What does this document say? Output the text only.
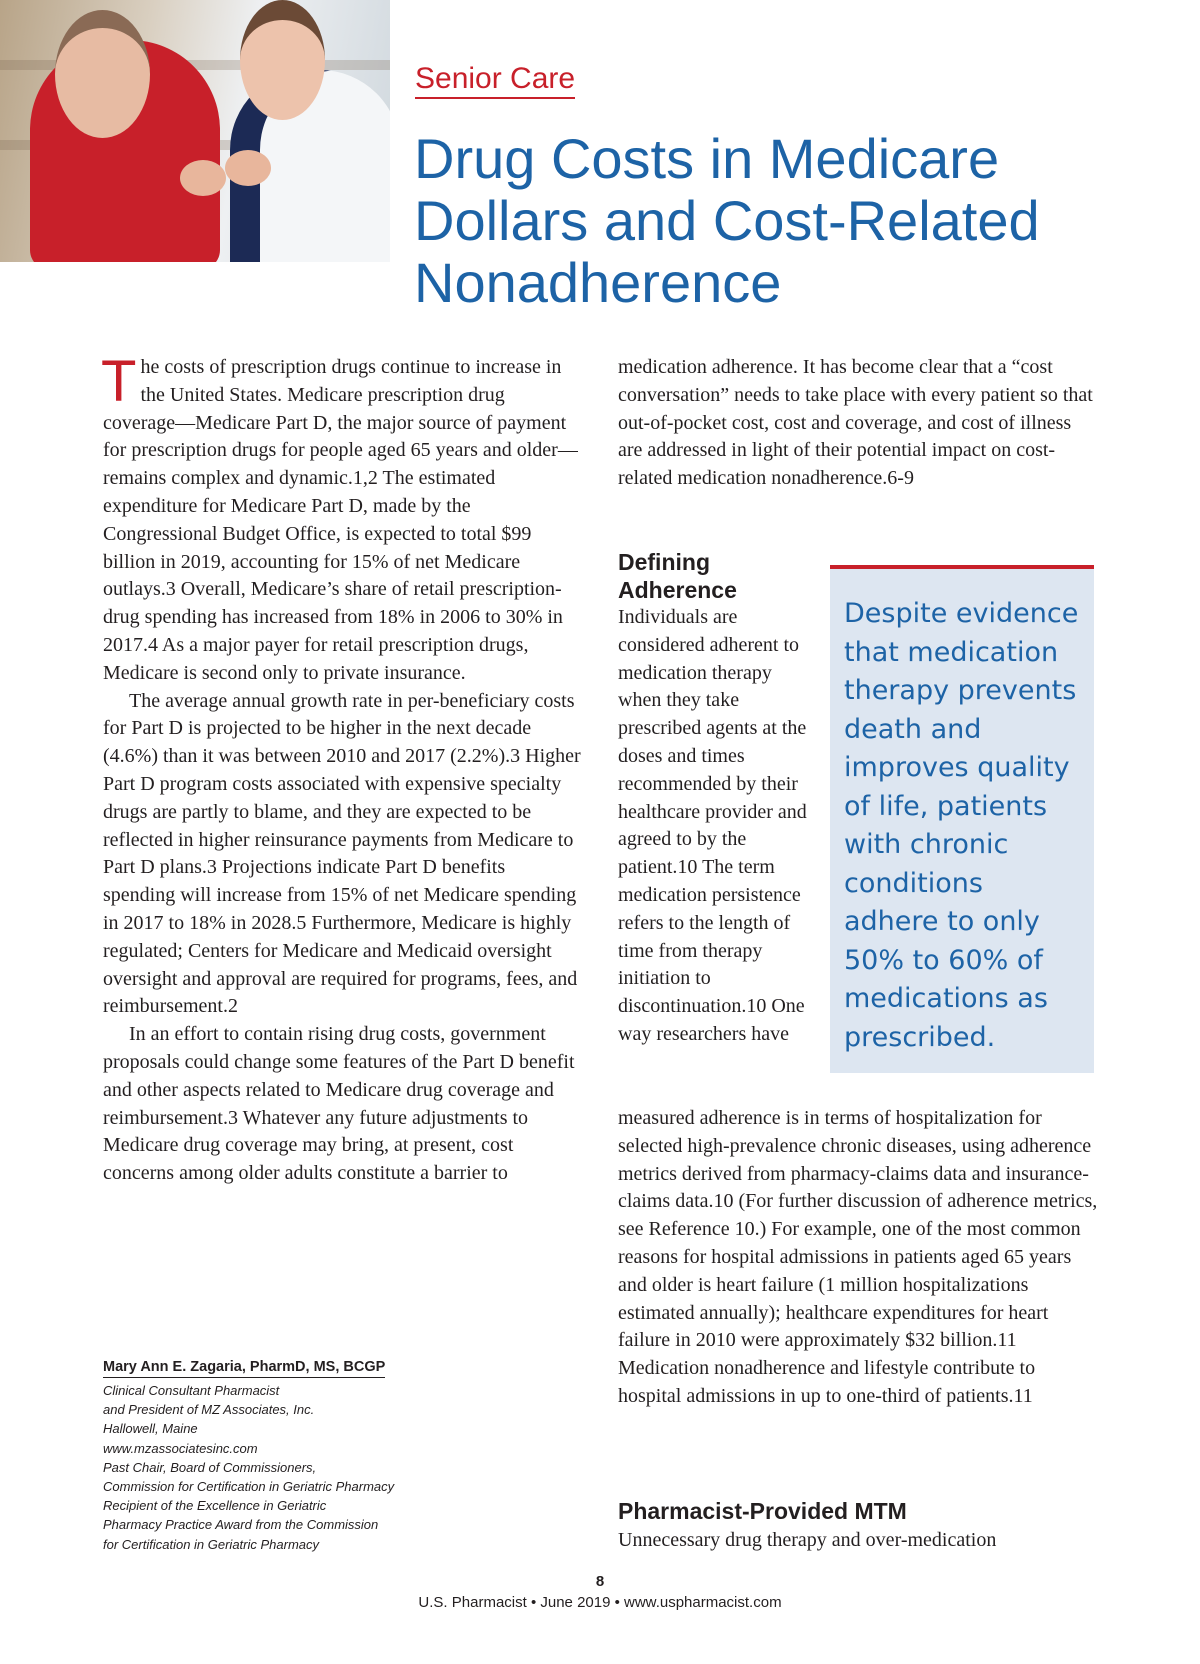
Senior Care
Drug Costs in Medicare Dollars and Cost-Related Nonadherence

The costs of prescription drugs continue to increase in the United States. Medicare prescription drug coverage—Medicare Part D, the major source of payment for prescription drugs for people aged 65 years and older—remains complex and dynamic.1,2 The estimated expenditure for Medicare Part D, made by the Congressional Budget Office, is expected to total $99 billion in 2019, accounting for 15% of net Medicare outlays.3 Overall, Medicare’s share of retail prescription-drug spending has increased from 18% in 2006 to 30% in 2017.4 As a major payer for retail prescription drugs, Medicare is second only to private insurance.

The average annual growth rate in per-beneficiary costs for Part D is projected to be higher in the next decade (4.6%) than it was between 2010 and 2017 (2.2%).3 Higher Part D program costs associated with expensive specialty drugs are partly to blame, and they are expected to be reflected in higher reinsurance payments from Medicare to Part D plans.3 Projections indicate Part D benefits spending will increase from 15% of net Medicare spending in 2017 to 18% in 2028.5 Furthermore, Medicare is highly regulated; Centers for Medicare and Medicaid oversight oversight and approval are required for programs, fees, and reimbursement.2

In an effort to contain rising drug costs, government proposals could change some features of the Part D benefit and other aspects related to Medicare drug coverage and reimbursement.3 Whatever any future adjustments to Medicare drug coverage may bring, at present, cost concerns among older adults constitute a barrier to

Mary Ann E. Zagaria, PharmD, MS, BCGP
Clinical Consultant Pharmacist
and President of MZ Associates, Inc.
Hallowell, Maine
www.mzassociatesinc.com
Past Chair, Board of Commissioners,
Commission for Certification in Geriatric Pharmacy
Recipient of the Excellence in Geriatric
Pharmacy Practice Award from the Commission
for Certification in Geriatric Pharmacy

medication adherence. It has become clear that a “cost conversation” needs to take place with every patient so that out-of-pocket cost, cost and coverage, and cost of illness are addressed in light of their potential impact on cost-related medication nonadherence.6-9

Defining
Adherence

Individuals are considered adherent to medication therapy when they take prescribed agents at the doses and times recommended by their healthcare provider and agreed to by the patient.10 The term medication persistence refers to the length of time from therapy initiation to discontinuation.10 One way researchers have

Despite evidence that medication therapy prevents death and improves quality of life, patients with chronic conditions adhere to only 50% to 60% of medications as prescribed.

measured adherence is in terms of hospitalization for selected high-prevalence chronic diseases, using adherence metrics derived from pharmacy-claims data and insurance-claims data.10 (For further discussion of adherence metrics, see Reference 10.) For example, one of the most common reasons for hospital admissions in patients aged 65 years and older is heart failure (1 million hospitalizations estimated annually); healthcare expenditures for heart failure in 2010 were approximately $32 billion.11 Medication nonadherence and lifestyle contribute to hospital admissions in up to one-third of patients.11

Pharmacist-Provided MTM

Unnecessary drug therapy and over-medication

8
U.S. Pharmacist • June 2019 • www.uspharmacist.com
